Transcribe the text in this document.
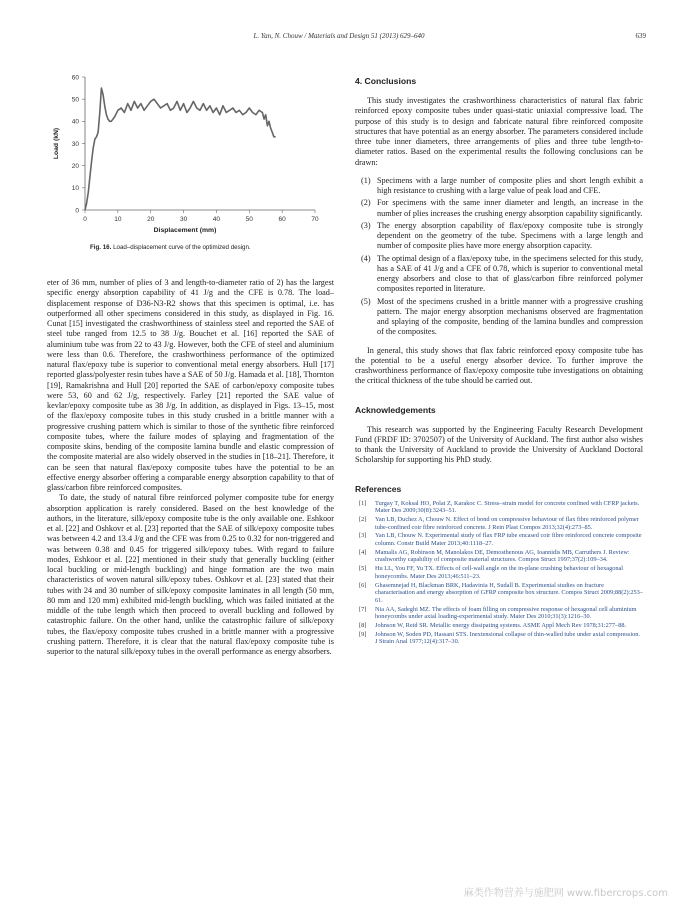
L. Yan, N. Chouw / Materials and Design 51 (2013) 629–640	639
0	10	20	30	40	50	60	70
0
10
20
30
40
50
60
Displacement (mm)
Load (kN)
Fig. 16. Load–displacement curve of the optimized design.

eter of 36 mm, number of plies of 3 and length-to-diameter ratio of 2) has the largest specific energy absorption capability of 41 J/g and the CFE is 0.78. The load–displacement response of D36-N3-R2 shows that this specimen is optimal, i.e. has outperformed all other specimens considered in this study, as displayed in Fig. 16. Cunat [15] investigated the crashworthiness of stainless steel and reported the SAE of steel tube ranged from 12.5 to 38 J/g. Bouchet et al. [16] reported the SAE of aluminium tube was from 22 to 43 J/g. However, both the CFE of steel and aluminium were less than 0.6. Therefore, the crashworthiness performance of the optimized natural flax/epoxy tube is superior to conventional metal energy absorbers. Hull [17] reported glass/polyester resin tubes have a SAE of 50 J/g. Hamada et al. [18], Thornton [19], Ramakrishna and Hull [20] reported the SAE of carbon/epoxy composite tubes were 53, 60 and 62 J/g, respectively. Farley [21] reported the SAE value of kevlar/epoxy composite tube as 38 J/g. In addition, as displayed in Figs. 13–15, most of the flax/epoxy composite tubes in this study crushed in a brittle manner with a progressive crushing pattern which is similar to those of the synthetic fibre reinforced composite tubes, where the failure modes of splaying and fragmentation of the composite skins, bending of the composite lamina bundle and elastic compression of the composite material are also widely observed in the studies in [18–21]. Therefore, it can be seen that natural flax/epoxy composite tubes have the potential to be an effective energy absorber offering a comparable energy absorption capability to that of glass/carbon fibre reinforced composites.

To date, the study of natural fibre reinforced polymer composite tube for energy absorption application is rarely considered. Based on the best knowledge of the authors, in the literature, silk/epoxy composite tube is the only available one. Eshkoor et al. [22] and Oshkovr et al. [23] reported that the SAE of silk/epoxy composite tubes was between 4.2 and 13.4 J/g and the CFE was from 0.25 to 0.32 for non-triggered and was between 0.38 and 0.45 for triggered silk/epoxy tubes. With regard to failure modes, Eshkoor et al. [22] mentioned in their study that generally buckling (either local buckling or mid-length buckling) and hinge formation are the two main characteristics of woven natural silk/epoxy tubes. Oshkovr et al. [23] stated that their tubes with 24 and 30 number of silk/epoxy composite laminates in all length (50 mm, 80 mm and 120 mm) exhibited mid-length buckling, which was failed initiated at the middle of the tube length which then proceed to overall buckling and followed by catastrophic failure. On the other hand, unlike the catastrophic failure of silk/epoxy tubes, the flax/epoxy composite tubes crushed in a brittle manner with a progressive crushing pattern. Therefore, it is clear that the natural flax/epoxy composite tube is superior to the natural silk/epoxy tubes in the overall performance as energy absorbers.

4. Conclusions

This study investigates the crashworthiness characteristics of natural flax fabric reinforced epoxy composite tubes under quasi-static uniaxial compressive load. The purpose of this study is to design and fabricate natural fibre reinforced composite structures that have potential as an energy absorber. The parameters considered include three tube inner diameters, three arrangements of plies and three tube length-to-diameter ratios. Based on the experimental results the following conclusions can be drawn:

(1) Specimens with a large number of composite plies and short length exhibit a high resistance to crushing with a large value of peak load and CFE.
(2) For specimens with the same inner diameter and length, an increase in the number of plies increases the crushing energy absorption capability significantly.
(3) The energy absorption capability of flax/epoxy composite tube is strongly dependent on the geometry of the tube. Specimens with a large length and number of composite plies have more energy absorption capacity.
(4) The optimal design of a flax/epoxy tube, in the specimens selected for this study, has a SAE of 41 J/g and a CFE of 0.78, which is superior to conventional metal energy absorbers and close to that of glass/carbon fibre reinforced polymer composites reported in literature.
(5) Most of the specimens crushed in a brittle manner with a progressive crushing pattern. The major energy absorption mechanisms observed are fragmentation and splaying of the composite, bending of the lamina bundles and compression of the composites.

In general, this study shows that flax fabric reinforced epoxy composite tube has the potential to be a useful energy absorber device. To further improve the crashworthiness performance of flax/epoxy composite tube investigations on obtaining the critical thickness of the tube should be carried out.

Acknowledgements

This research was supported by the Engineering Faculty Research Development Fund (FRDF ID: 3702507) of the University of Auckland. The first author also wishes to thank the University of Auckland to provide the University of Auckland Doctoral Scholarship for supporting his PhD study.

References
[1] Turgay T, Koksal HO, Polat Z, Karakoc C. Stress–strain model for concrete confined with CFRP jackets. Mater Des 2009;30(8):3243–51.
[2] Yan LB, Duchez A, Chouw N. Effect of bond on compressive behaviour of flax fibre reinforced polymer tube-confined coir fibre reinforced concrete. J Rein Plast Compos 2013;32(4):273–85.
[3] Yan LB, Chouw N. Experimental study of flax FRP tube encased coir fibre reinforced concrete composite column. Constr Build Mater 2013;40:1118–27.
[4] Mamalis AG, Robinson M, Manolakos DE, Demosthenous AG, Ioannidis MB, Carruthers J. Review: crashworthy capability of composite material structures. Compos Struct 1997;37(2):109–34.
[5] Hu LL, You FF, Yu TX. Effects of cell-wall angle on the in-plane crushing behaviour of hexagonal honeycombs. Mater Des 2013;46:511–23.
[6] Ghasemnejad H, Blackman BRK, Hadavinia H, Sudall B. Experimental studies on fracture characterisation and energy absorption of GFRP composite box structure. Compos Struct 2009;88(2):253–61.
[7] Nia AA, Sadeghi MZ. The effects of foam filling on compressive response of hexagonal cell aluminium honeycombs under axial loading-experimental study. Mater Des 2010;31(3):1216–30.
[8] Johnson W, Reid SR. Metallic energy dissipating systems. ASME Appl Mech Rev 1978;31:277–88.
[9] Johnson W, Soden PD, Hassani STS. Inextensional collapse of thin-walled tube under axial compression. J Strain Anal 1977;12(4):317–30.
麻类作物营养与施肥网 www.fibercrops.com
